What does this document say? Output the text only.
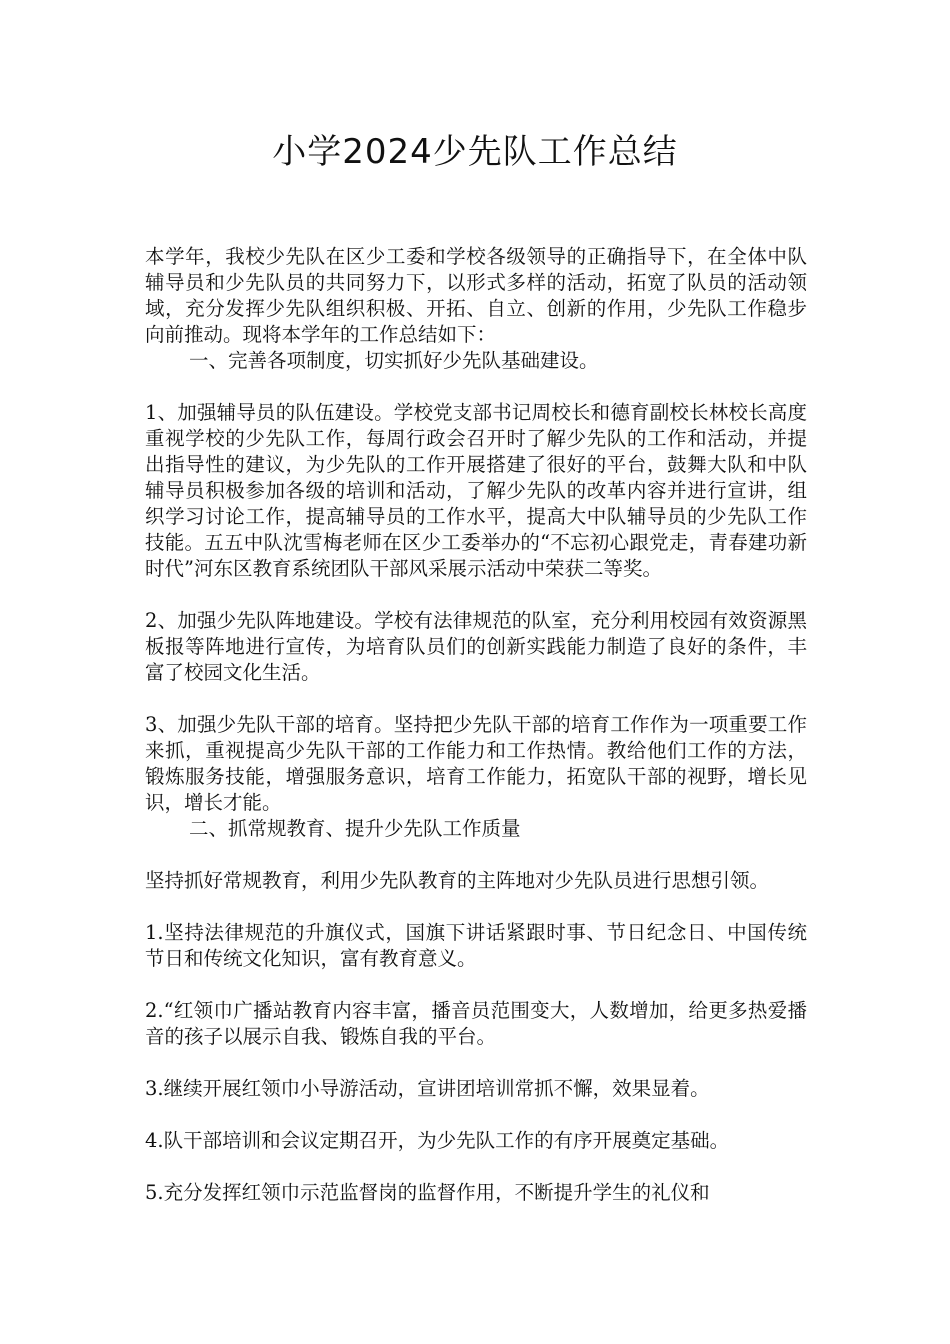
小学2024少先队工作总结

本学年，我校少先队在区少工委和学校各级领导的正确指导下，在全体中队辅导员和少先队员的共同努力下，以形式多样的活动，拓宽了队员的活动领域，充分发挥少先队组织积极、开拓、自立、创新的作用，少先队工作稳步向前推动。现将本学年的工作总结如下：

一、完善各项制度，切实抓好少先队基础建设。

1、加强辅导员的队伍建设。学校党支部书记周校长和德育副校长林校长高度重视学校的少先队工作，每周行政会召开时了解少先队的工作和活动，并提出指导性的建议，为少先队的工作开展搭建了很好的平台，鼓舞大队和中队辅导员积极参加各级的培训和活动，了解少先队的改革内容并进行宣讲，组织学习讨论工作，提高辅导员的工作水平，提高大中队辅导员的少先队工作技能。五五中队沈雪梅老师在区少工委举办的“不忘初心跟党走，青春建功新时代”河东区教育系统团队干部风采展示活动中荣获二等奖。

2、加强少先队阵地建设。学校有法律规范的队室，充分利用校园有效资源黑板报等阵地进行宣传，为培育队员们的创新实践能力制造了良好的条件，丰富了校园文化生活。

3、加强少先队干部的培育。坚持把少先队干部的培育工作作为一项重要工作来抓，重视提高少先队干部的工作能力和工作热情。教给他们工作的方法，锻炼服务技能，增强服务意识，培育工作能力，拓宽队干部的视野，增长见识，增长才能。

二、抓常规教育、提升少先队工作质量

坚持抓好常规教育，利用少先队教育的主阵地对少先队员进行思想引领。

1.坚持法律规范的升旗仪式，国旗下讲话紧跟时事、节日纪念日、中国传统节日和传统文化知识，富有教育意义。

2.“红领巾广播站教育内容丰富，播音员范围变大，人数增加，给更多热爱播音的孩子以展示自我、锻炼自我的平台。

3.继续开展红领巾小导游活动，宣讲团培训常抓不懈，效果显着。

4.队干部培训和会议定期召开，为少先队工作的有序开展奠定基础。

5.充分发挥红领巾示范监督岗的监督作用，不断提升学生的礼仪和
